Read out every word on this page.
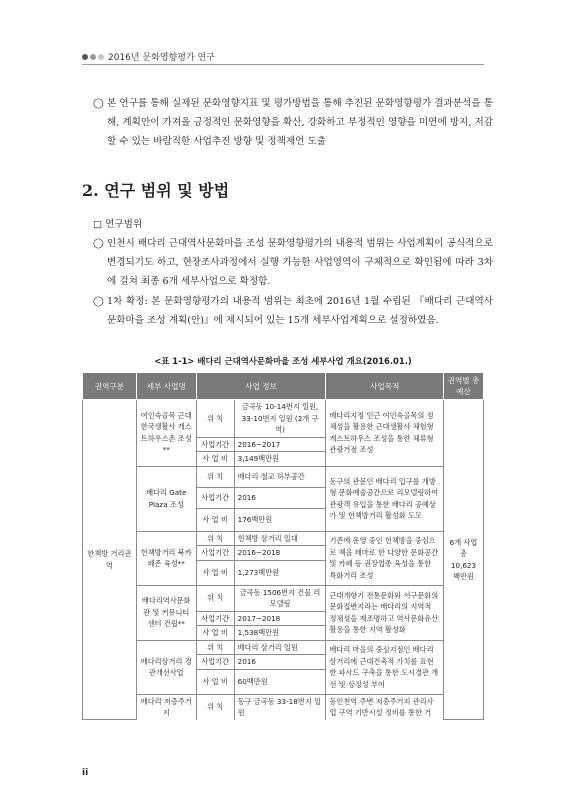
2016년 문화영향평가 연구
◯ 본 연구를 통해 실제된 문화영향지표 및 평가방법을 통해 추진된 문화영향평가 결과분석을 통해, 계획안이 가져올 긍정적인 문화영향을 확산, 강화하고 부정적인 영향을 미연에 방지, 저감할 수 있는 바람직한 사업추진 방향 및 정책제언 도출
2. 연구 범위 및 방법
□ 연구범위
◯ 인천시 배다리 근대역사문화마을 조성 문화영향평가의 내용적 범위는 사업계획이 공식적으로 변경되기도 하고, 현장조사과정에서 실행 가능한 사업영역이 구체적으로 확인됨에 따라 3차에 걸쳐 최종 6개 세부사업으로 확정함.
◯ 1차 확정: 본 문화영향평가의 내용적 범위는 최초에 2016년 1월 수립된 『배다리 근대역사문화마을 조성 계획(안)』에 제시되어 있는 15개 세부사업계획으로 설정하였음.
<표 1-1> 배다리 근대역사문화마을 조성 세부사업 개요(2016.01.)
권역구분	세부 사업명	사업 정보		사업목적	권역별 총 예산
한책방 거리권역	여인숙골목 근대한국생활사 게스트하우스촌 조성**	위 치	금곡동 10-14번지 일원, 33-10번지 일원 (2개 구역)	배다리지정 인근 여인숙골목의 정체성을 활용한 근대생활사 체험형 게스트하우스 조성을 통한 체류형 관광거점 조성	6개 사업 총 10,623 백만원
		사업기간	2016~2017		
		사 업 비	3,149백만원		
	배다리 Gate Plaza 조성	위 치	배다리 철교 하부공간	동구의 관문인 배다리 입구를 개방형 문화예술공간으로 리모델링하여 관광객 유입을 통한 배다리 공예상가 및 헌책방거리 활성화 도모	
		사업기간	2016		
		사 업 비	176백만원		
	헌책방거리 북카페존 육성**	위 치	헌책방 삼거리 일대	기존에 운영 중인 헌책방을 중심으로 책을 테마로 한 다양한 문화공간 및 카페 등 권장업종 육성을 통한 특화거리 조성	
		사업기간	2016~2018		
		사 업 비	1,273백만원		
	배다리역사문화관 및 커뮤니티센터 건립**	위 치	금곡동 1506번지 건물 리모델링	근대개항기 전통문화와 서구문화의 문화접변지라는 배다리의 지역적 정체성을 재조명하고 역사문화유산 활용을 통한 지역 활성화	
		사업기간	2017~2018		
		사 업 비	1,538백만원		
	배다리삼거리 경관개선사업	위 치	배다리 삼거리 일원	배다리 마을의 중심지점인 배다리 삼거리에 근대건축적 가치를 표현한 파사드 구축을 통한 도시경관 개선 및 상징성 부여	
		사업기간	2016		
		사 업 비	60백만원		
	배다리 저층주거지	위 치	동구 금곡동 33-18번지 일원	동인천역 주변 저층주거지 관리사업 구역 기반시설 정비를 통한 거	
ii
